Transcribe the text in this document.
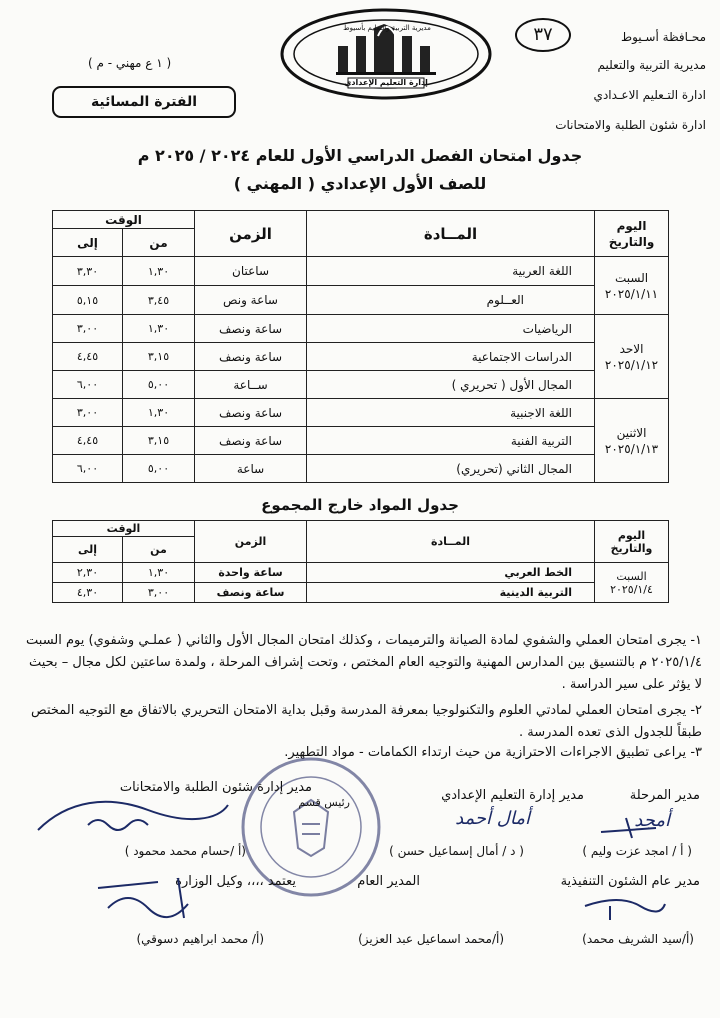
محـافظة أسـيوط
مديرية التربية والتعليم
ادارة التـعليم الاعـدادي
ادارة شئون الطلبة والامتحانات
٣٧
مديرية التربية والتعليم بأسيوط
إدارة التعليم الإعدادي
( ١ ع مهني - م )
الفترة المسائية
جدول امتحان الفصل الدراسي الأول للعام ٢٠٢٤ / ٢٠٢٥ م
للصف الأول الإعدادي ( المهني )
اليوم
والتاريخ	المــادة	الزمن	الوقت	
			من	إلى

السبت
٢٠٢٥/١/١١	اللغة العربية	ساعتان	١,٣٠	٣,٣٠
	العــلوم	ساعة ونص	٣,٤٥	٥,١٥

الاحد
٢٠٢٥/١/١٢	الرياضيات	ساعة ونصف	١,٣٠	٣,٠٠
	الدراسات الاجتماعية	ساعة ونصف	٣,١٥	٤,٤٥
	المجال الأول ( تحريري )	ســاعة	٥,٠٠	٦,٠٠

الاثنين
٢٠٢٥/١/١٣	اللغة الاجنبية	ساعة ونصف	١,٣٠	٣,٠٠
	التربية الفنية	ساعة ونصف	٣,١٥	٤,٤٥
	المجال الثاني (تحريري)	ساعة	٥,٠٠	٦,٠٠
جدول المواد خارج المجموع
اليوم
والتاريخ	المــادة	الزمن	الوقت	
			من	إلى

السبت
٢٠٢٥/١/٤	الخط العربي	ساعة واحدة	١,٣٠	٢,٣٠
	التربية الدينية	ساعة ونصف	٣,٠٠	٤,٣٠
١- يجرى امتحان العملي والشفوي لمادة الصيانة والترميمات ، وكذلك امتحان المجال الأول والثاني ( عملـي وشفوي) يوم السبت ٢٠٢٥/١/٤ م بالتنسيق بين المدارس المهنية والتوجيه العام المختص ، وتحت إشراف المرحلة ، ولمدة ساعتين لكل مجال – بحيث لا يؤثر على سير الدراسة .
٢- يجرى امتحان العملي لمادتي العلوم والتكنولوجيا بمعرفة المدرسة وقبل بداية الامتحان التحريري بالاتفاق مع التوجيه المختص طبقاً للجدول الذى تعده المدرسة .
٣- يراعى تطبيق الاجراءات الاحترازية من حيث ارتداء الكمامات - مواد التطهير.
مدير المرحلة
مدير إدارة التعليم الإعدادي
مدير إدارة شئون الطلبة والامتحانات
رئيس قسم
أمجد
أمال أحمد
( أ / امجد عزت وليم )
( د / أمال إسماعيل حسن )
(أ /حسام محمد محمود )
مدير عام الشئون التنفيذية
المدير العام
يعتمد ،،،، وكيل الوزارة
(أ/سيد الشريف محمد)
(أ/محمد اسماعيل عبد العزيز)
(أ/ محمد ابراهيم دسوقي)
